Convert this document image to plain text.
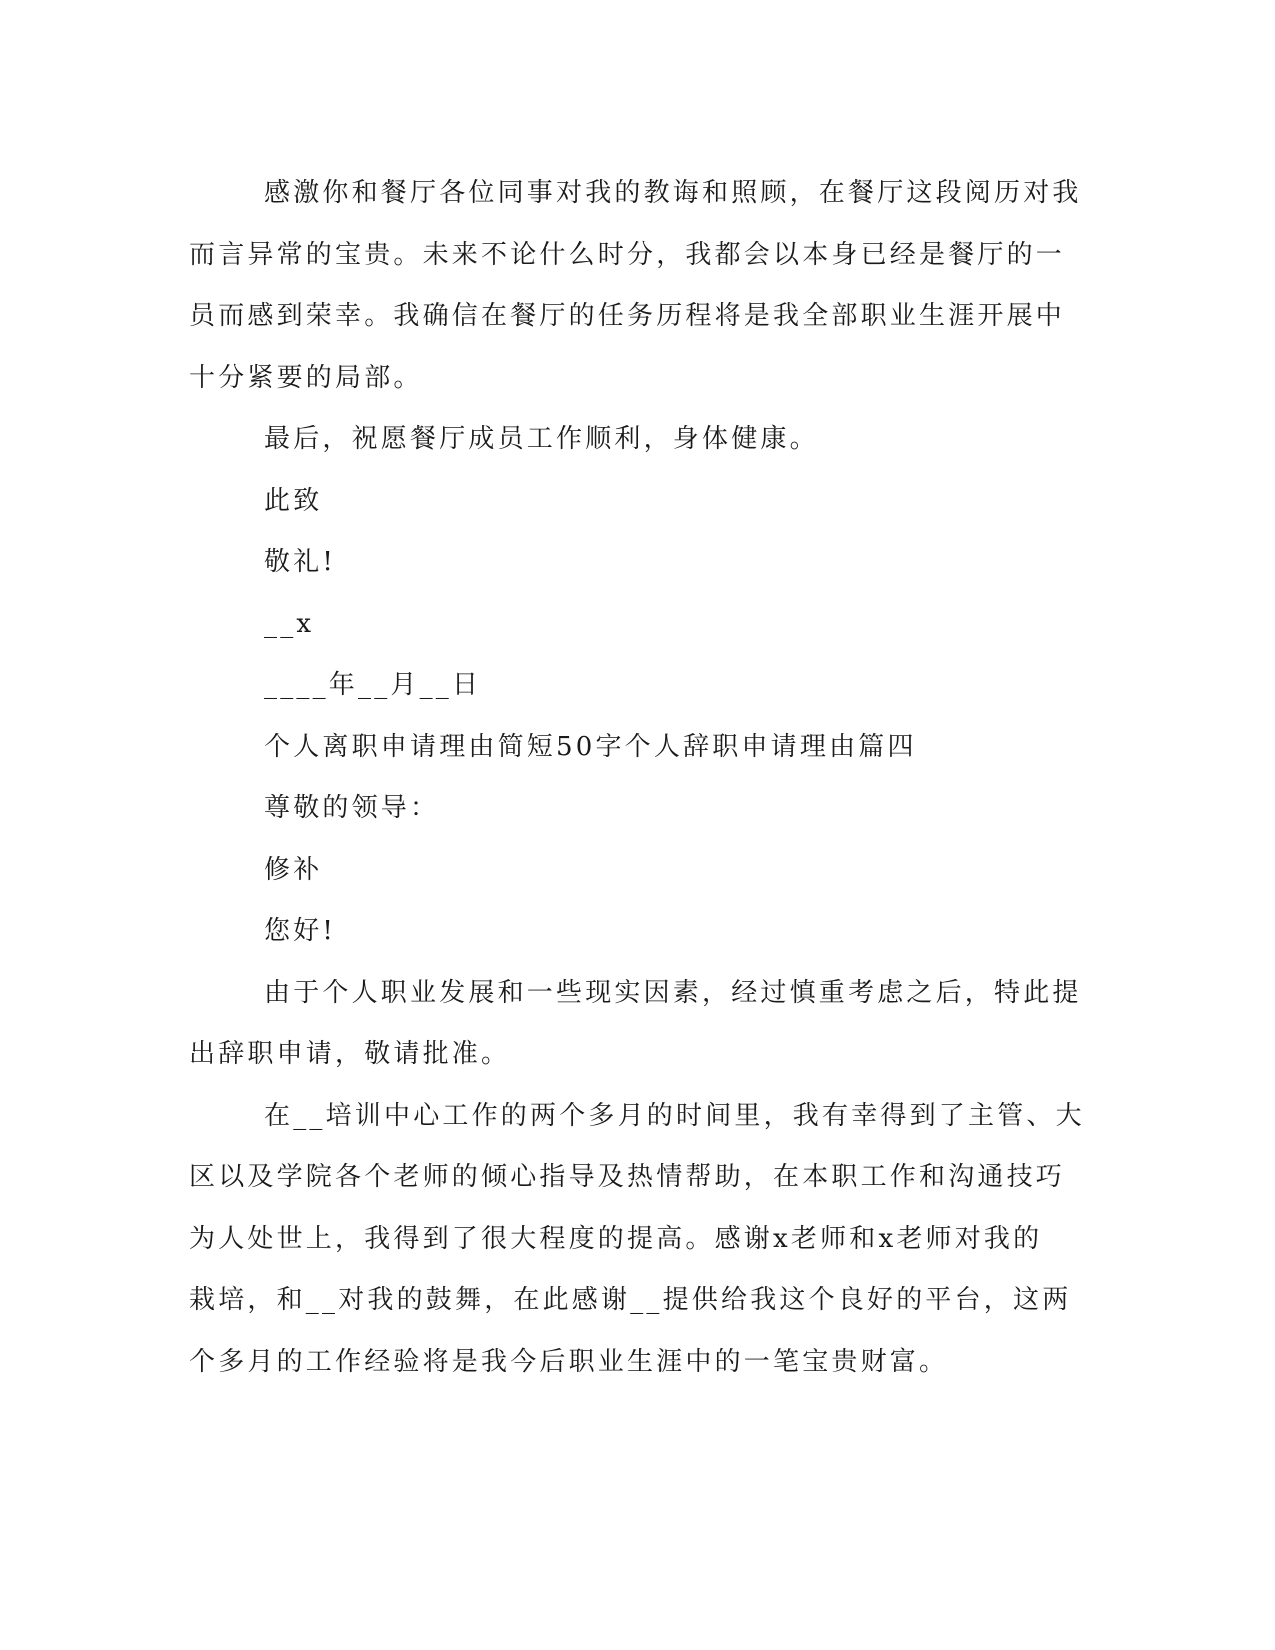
感激你和餐厅各位同事对我的教诲和照顾，在餐厅这段阅历对我

而言异常的宝贵。未来不论什么时分，我都会以本身已经是餐厅的一

员而感到荣幸。我确信在餐厅的任务历程将是我全部职业生涯开展中

十分紧要的局部。

最后，祝愿餐厅成员工作顺利，身体健康。

此致

敬礼!

__x

____年__月__日

个人离职申请理由简短50字个人辞职申请理由篇四

尊敬的领导：

修补

您好!

由于个人职业发展和一些现实因素，经过慎重考虑之后，特此提

出辞职申请，敬请批准。

在__培训中心工作的两个多月的时间里，我有幸得到了主管、大

区以及学院各个老师的倾心指导及热情帮助，在本职工作和沟通技巧

为人处世上，我得到了很大程度的提高。感谢x老师和x老师对我的

栽培，和__对我的鼓舞，在此感谢__提供给我这个良好的平台，这两

个多月的工作经验将是我今后职业生涯中的一笔宝贵财富。
